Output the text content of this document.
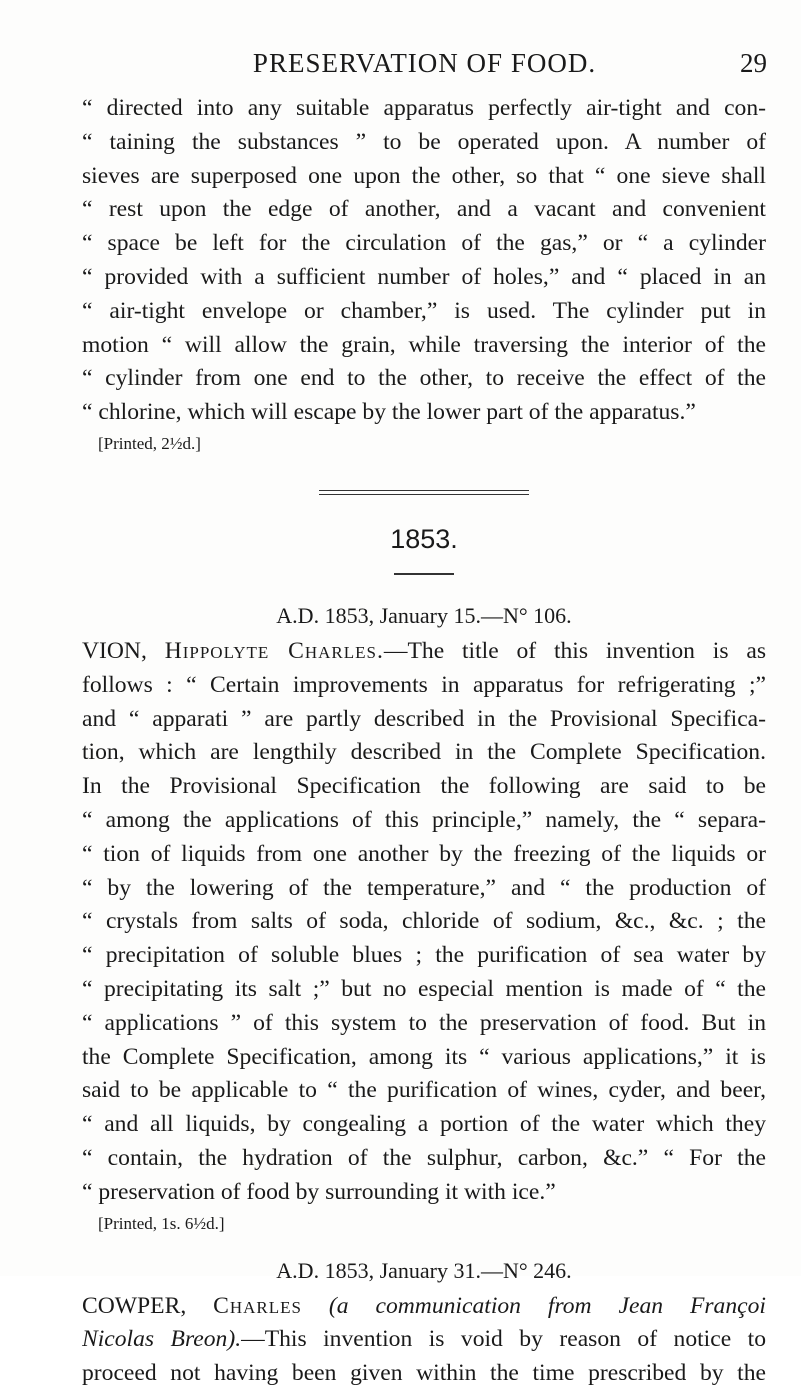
PRESERVATION OF FOOD.	29
“ directed into any suitable apparatus perfectly air-tight and con-
“ taining the substances ” to be operated upon. A number of
sieves are superposed one upon the other, so that “ one sieve shall
“ rest upon the edge of another, and a vacant and convenient
“ space be left for the circulation of the gas,” or “ a cylinder
“ provided with a sufficient number of holes,” and “ placed in an
“ air-tight envelope or chamber,” is used. The cylinder put in
motion “ will allow the grain, while traversing the interior of the
“ cylinder from one end to the other, to receive the effect of the
“ chlorine, which will escape by the lower part of the apparatus.”
[Printed, 2½d.]
1853.
A.D. 1853, January 15.—N° 106.
VION, Hippolyte Charles.—The title of this invention is as
follows : “ Certain improvements in apparatus for refrigerating ;”
and “ apparati ” are partly described in the Provisional Specifica-
tion, which are lengthily described in the Complete Specification.
In the Provisional Specification the following are said to be
“ among the applications of this principle,” namely, the “ separa-
“ tion of liquids from one another by the freezing of the liquids or
“ by the lowering of the temperature,” and “ the production of
“ crystals from salts of soda, chloride of sodium, &c., &c. ; the
“ precipitation of soluble blues ; the purification of sea water by
“ precipitating its salt ;” but no especial mention is made of “ the
“ applications ” of this system to the preservation of food. But in
the Complete Specification, among its “ various applications,” it is
said to be applicable to “ the purification of wines, cyder, and beer,
“ and all liquids, by congealing a portion of the water which they
“ contain, the hydration of the sulphur, carbon, &c.” “ For the
“ preservation of food by surrounding it with ice.”
[Printed, 1s. 6½d.]
A.D. 1853, January 31.—N° 246.
COWPER, Charles (a communication from Jean Françoi
Nicolas Breon).—This invention is void by reason of notice to
proceed not having been given within the time prescribed by the
